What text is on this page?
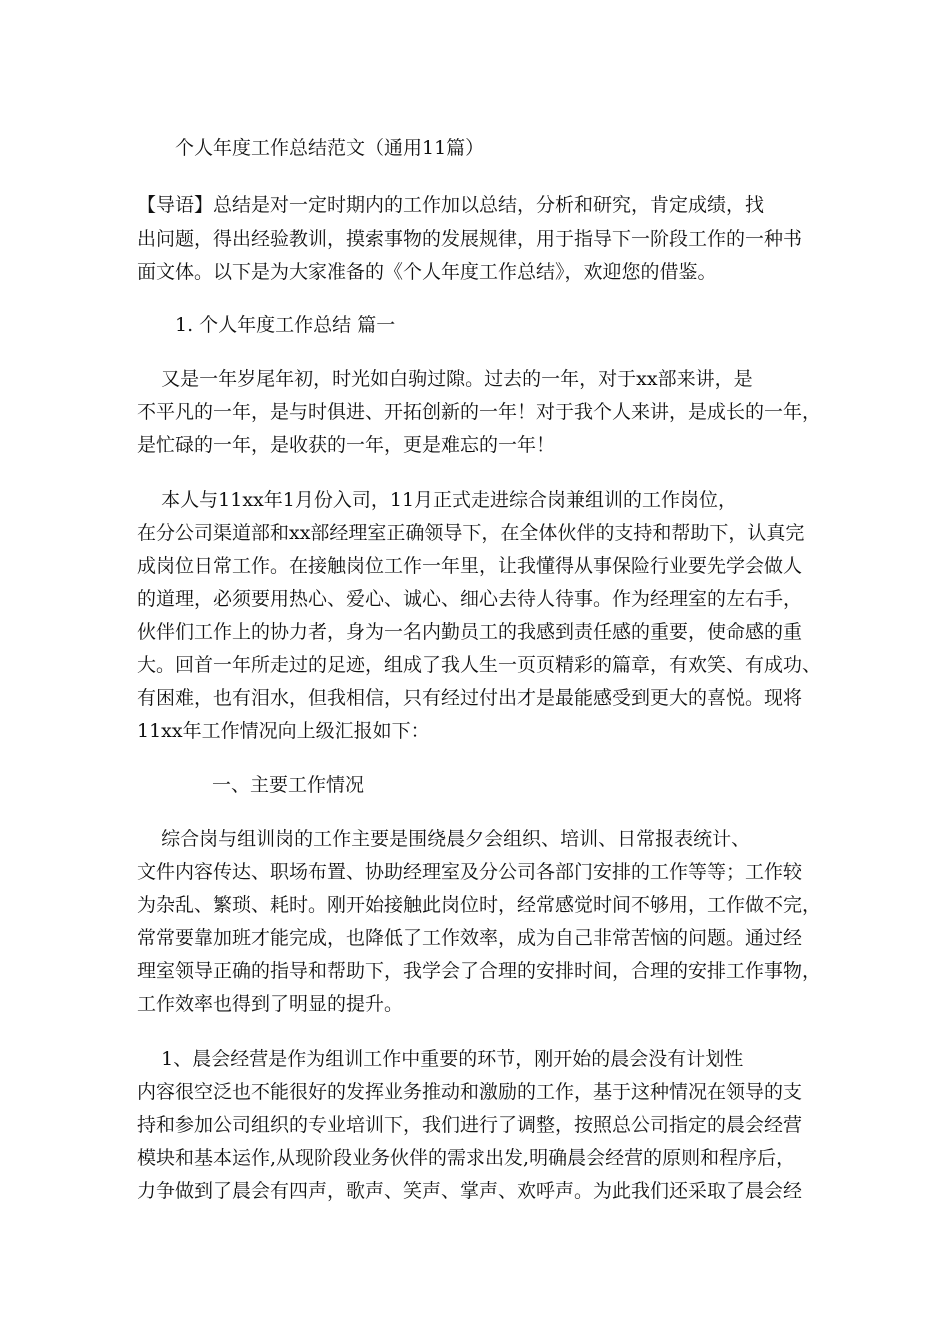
个人年度工作总结范文（通用11篇）
【导语】总结是对一定时期内的工作加以总结，分析和研究，肯定成绩，找
出问题，得出经验教训，摸索事物的发展规律，用于指导下一阶段工作的一种书
面文体。以下是为大家准备的《个人年度工作总结》，欢迎您的借鉴。
1. 个人年度工作总结 篇一
又是一年岁尾年初，时光如白驹过隙。过去的一年，对于xx部来讲，是
不平凡的一年，是与时俱进、开拓创新的一年！对于我个人来讲，是成长的一年，
是忙碌的一年，是收获的一年，更是难忘的一年！
本人与11xx年1月份入司，11月正式走进综合岗兼组训的工作岗位，
在分公司渠道部和xx部经理室正确领导下，在全体伙伴的支持和帮助下，认真完
成岗位日常工作。在接触岗位工作一年里，让我懂得从事保险行业要先学会做人
的道理，必须要用热心、爱心、诚心、细心去待人待事。作为经理室的左右手，
伙伴们工作上的协力者，身为一名内勤员工的我感到责任感的重要，使命感的重
大。回首一年所走过的足迹，组成了我人生一页页精彩的篇章，有欢笑、有成功、
有困难，也有泪水，但我相信，只有经过付出才是最能感受到更大的喜悦。现将
11xx年工作情况向上级汇报如下：
一、主要工作情况
综合岗与组训岗的工作主要是围绕晨夕会组织、培训、日常报表统计、
文件内容传达、职场布置、协助经理室及分公司各部门安排的工作等等；工作较
为杂乱、繁琐、耗时。刚开始接触此岗位时，经常感觉时间不够用，工作做不完，
常常要靠加班才能完成，也降低了工作效率，成为自己非常苦恼的问题。通过经
理室领导正确的指导和帮助下，我学会了合理的安排时间，合理的安排工作事物，
工作效率也得到了明显的提升。
1、晨会经营是作为组训工作中重要的环节，刚开始的晨会没有计划性
内容很空泛也不能很好的发挥业务推动和激励的工作，基于这种情况在领导的支
持和参加公司组织的专业培训下，我们进行了调整，按照总公司指定的晨会经营
模块和基本运作,从现阶段业务伙伴的需求出发,明确晨会经营的原则和程序后，
力争做到了晨会有四声，歌声、笑声、掌声、欢呼声。为此我们还采取了晨会经
